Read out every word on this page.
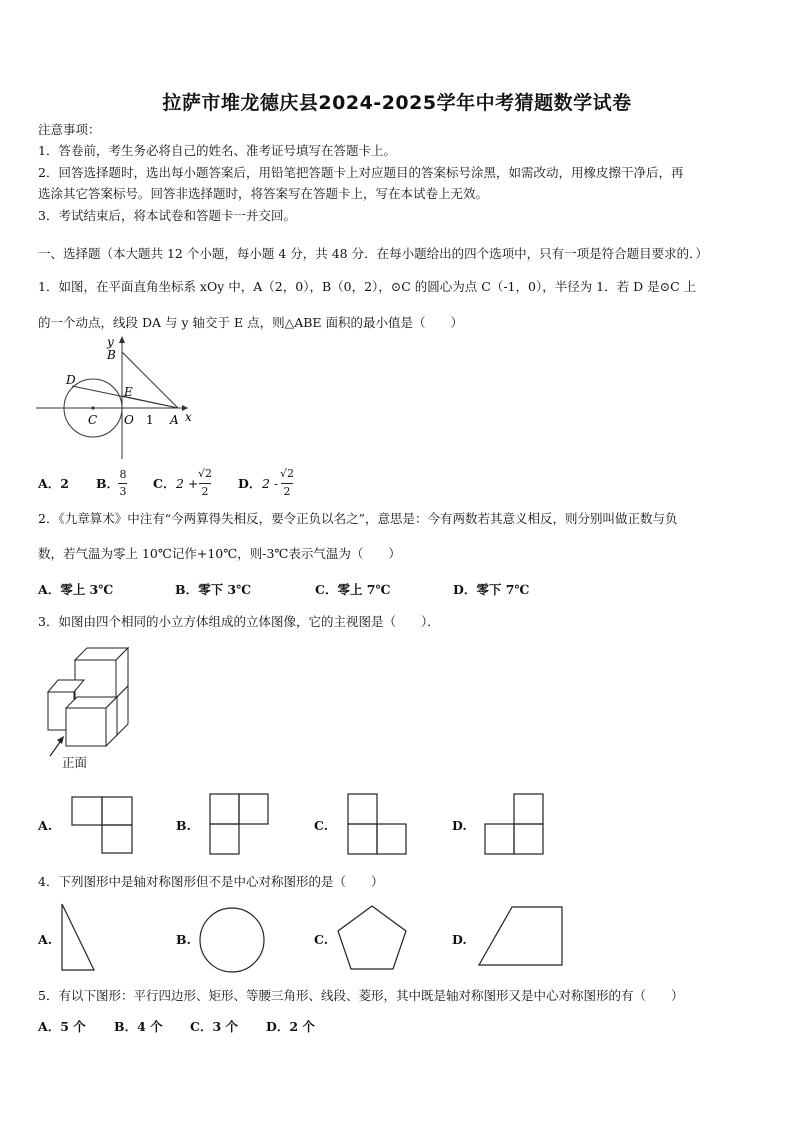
拉萨市堆龙德庆县2024-2025学年中考猜题数学试卷
注意事项：
1．答卷前，考生务必将自己的姓名、准考证号填写在答题卡上。
2．回答选择题时，选出每小题答案后，用铅笔把答题卡上对应题目的答案标号涂黑，如需改动，用橡皮擦干净后，再
选涂其它答案标号。回答非选择题时，将答案写在答题卡上，写在本试卷上无效。
3．考试结束后，将本试卷和答题卡一并交回。
一、选择题（本大题共 12 个小题，每小题 4 分，共 48 分．在每小题给出的四个选项中，只有一项是符合题目要求的．）
1．如图，在平面直角坐标系 xOy 中，A（2，0），B（0，2），⊙C 的圆心为点 C（-1，0），半径为 1．若 D 是⊙C 上
的一个动点，线段 DA 与 y 轴交于 E 点，则△ABE 面积的最小值是（　　）
y
B
D
E
C O 1 A x
A．2 B．
8
3
C． 2 +
√2
2
D． 2 -
√2
2
2．《九章算术》中注有“今两算得失相反，要令正负以名之”，意思是：今有两数若其意义相反，则分别叫做正数与负
数，若气温为零上 10℃记作+10℃，则-3℃表示气温为（　　）
A．零上 3℃	B．零下 3℃	C．零上 7℃	D．零下 7℃
3．如图由四个相同的小立方体组成的立体图像，它的主视图是（　　）．
正面
A.	B.	C.	D.
4．下列图形中是轴对称图形但不是中心对称图形的是（　　）
A.	B.	C.	D.
5．有以下图形：平行四边形、矩形、等腰三角形、线段、菱形，其中既是轴对称图形又是中心对称图形的有（　　）
A．5 个 B．4 个 C．3 个 D．2 个
